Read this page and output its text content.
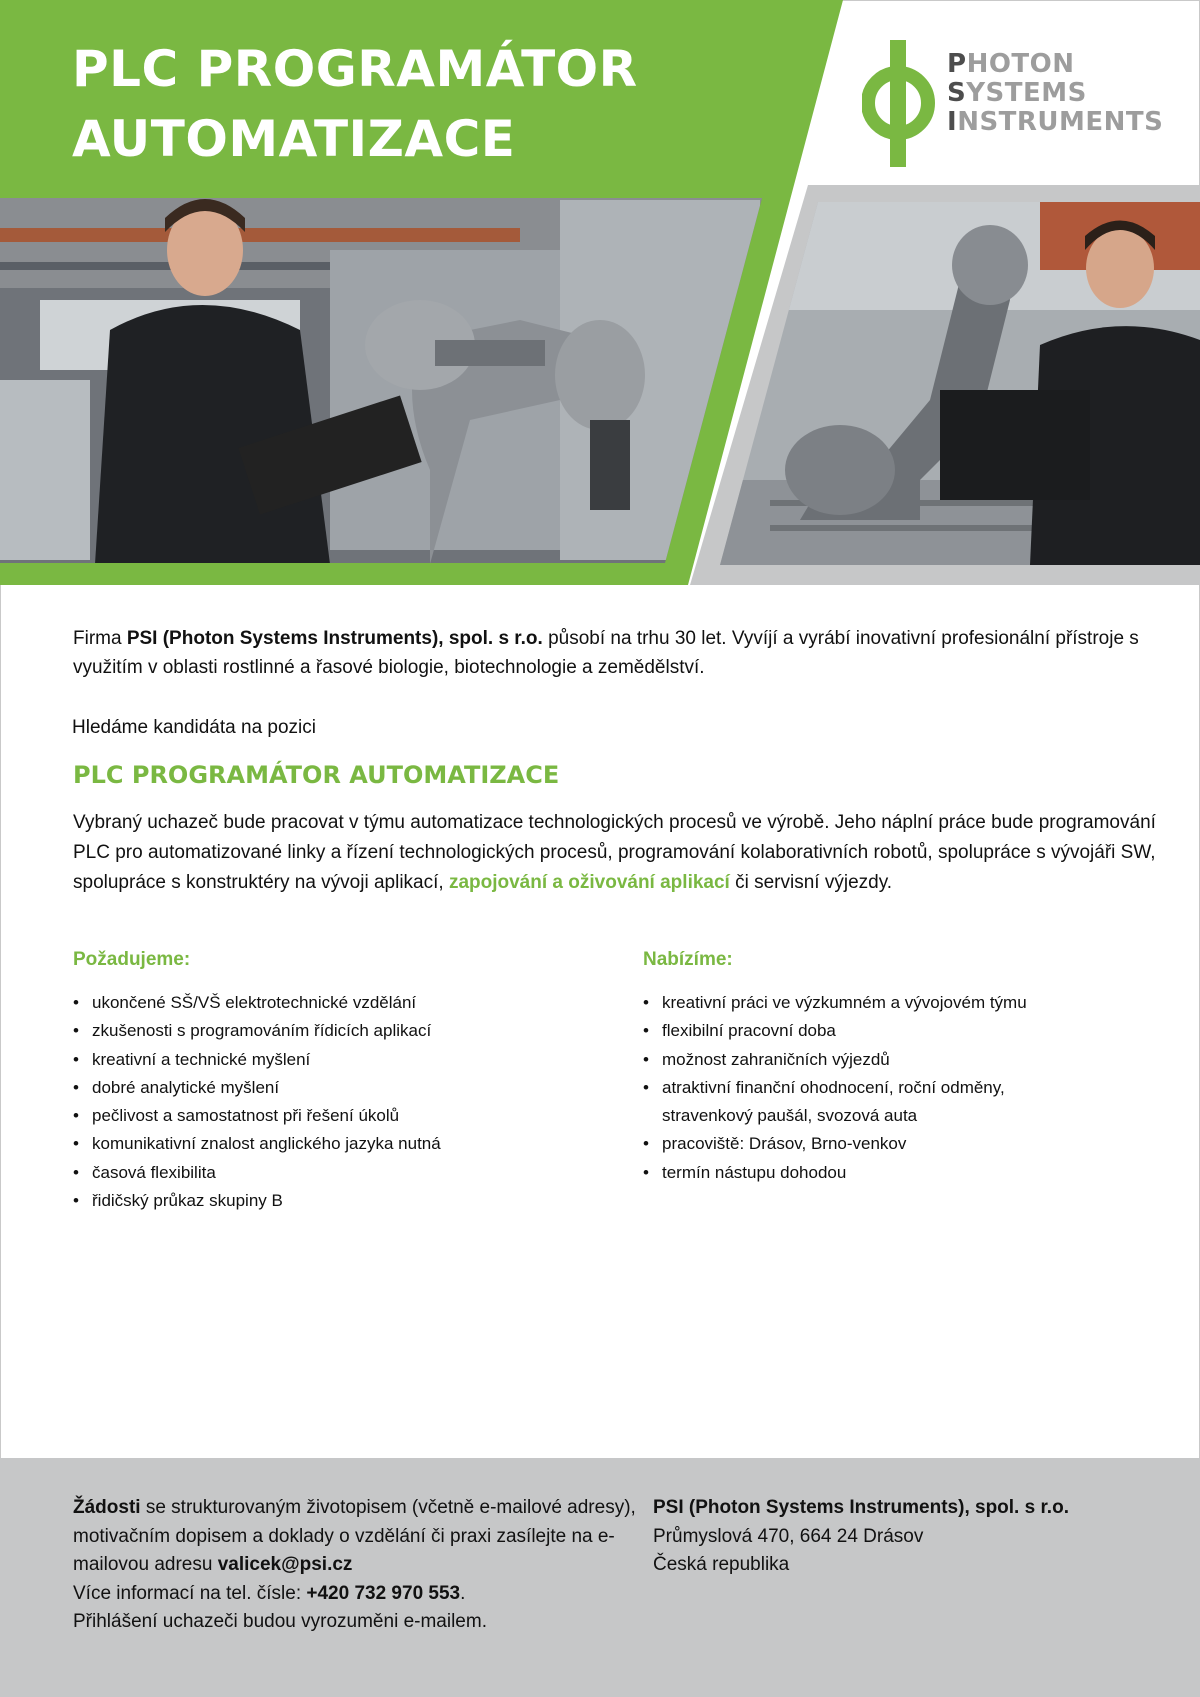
PLC PROGRAMÁTOR
AUTOMATIZACE
PHOTON
SYSTEMS
INSTRUMENTS

Firma PSI (Photon Systems Instruments), spol. s r.o. působí na trhu 30 let. Vyvíjí a vyrábí inovativní profesionální přístroje s využitím v oblasti rostlinné a řasové biologie, biotechnologie a zemědělství.

Hledáme kandidáta na pozici

PLC PROGRAMÁTOR AUTOMATIZACE

Vybraný uchazeč bude pracovat v týmu automatizace technologických procesů ve výrobě. Jeho náplní práce bude programování PLC pro automatizované linky a řízení technologických procesů, programování kolaborativních robotů, spolupráce s vývojáři SW, spolupráce s konstruktéry na vývoji aplikací, zapojování a oživování aplikací či servisní výjezdy.

Požadujeme:
• ukončené SŠ/VŠ elektrotechnické vzdělání
• zkušenosti s programováním řídicích aplikací
• kreativní a technické myšlení
• dobré analytické myšlení
• pečlivost a samostatnost při řešení úkolů
• komunikativní znalost anglického jazyka nutná
• časová flexibilita
• řidičský průkaz skupiny B
Nabízíme:
• kreativní práci ve výzkumném a vývojovém týmu
• flexibilní pracovní doba
• možnost zahraničních výjezdů
• atraktivní finanční ohodnocení, roční odměny, stravenkový paušál, svozová auta
• pracoviště: Drásov, Brno-venkov
• termín nástupu dohodou

Žádosti se strukturovaným životopisem (včetně e-mailové adresy), motivačním dopisem a doklady o vzdělání či praxi zasílejte na e-mailovou adresu valicek@psi.cz

Více informací na tel. čísle: +420 732 970 553.

Přihlášení uchazeči budou vyrozuměni e-mailem.

PSI (Photon Systems Instruments), spol. s r.o.

Průmyslová 470, 664 24 Drásov

Česká republika
